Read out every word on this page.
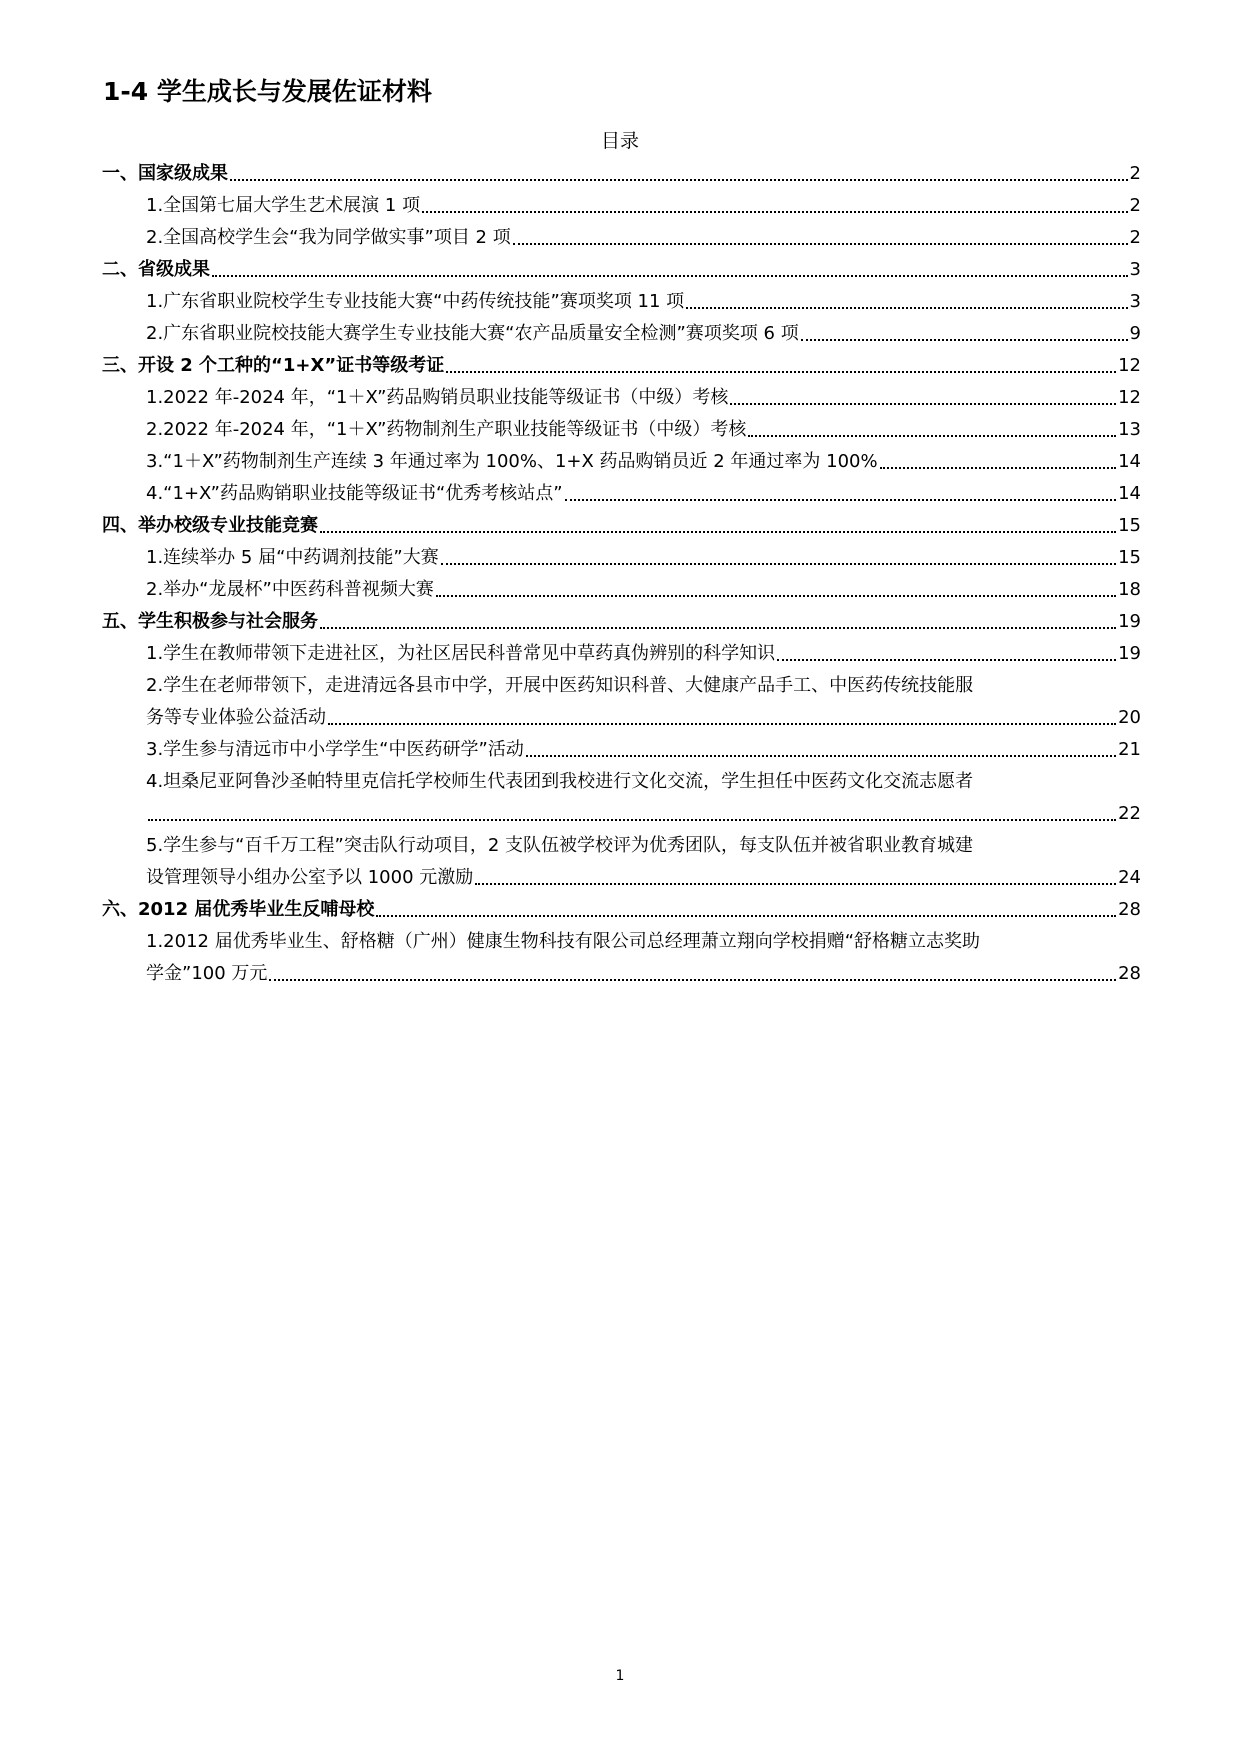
1-4 学生成长与发展佐证材料
目录
一、国家级成果	2
1.全国第七届大学生艺术展演 1 项	2
2.全国高校学生会“我为同学做实事”项目 2 项	2
二、省级成果	3
1.广东省职业院校学生专业技能大赛“中药传统技能”赛项奖项 11 项	3
2.广东省职业院校技能大赛学生专业技能大赛“农产品质量安全检测”赛项奖项 6 项	9
三、开设 2 个工种的“1+X”证书等级考证	12
1.2022 年-2024 年，“1＋X”药品购销员职业技能等级证书（中级）考核	12
2.2022 年-2024 年，“1＋X”药物制剂生产职业技能等级证书（中级）考核	13
3.“1＋X”药物制剂生产连续 3 年通过率为 100%、1+X 药品购销员近 2 年通过率为 100%	14
4.“1+X”药品购销职业技能等级证书“优秀考核站点”	14
四、举办校级专业技能竞赛	15
1.连续举办 5 届“中药调剂技能”大赛	15
2.举办“龙晟杯”中医药科普视频大赛	18
五、学生积极参与社会服务	19
1.学生在教师带领下走进社区，为社区居民科普常见中草药真伪辨别的科学知识	19
2.学生在老师带领下，走进清远各县市中学，开展中医药知识科普、大健康产品手工、中医药传统技能服
务等专业体验公益活动	20
3.学生参与清远市中小学学生“中医药研学”活动	21
4.坦桑尼亚阿鲁沙圣帕特里克信托学校师生代表团到我校进行文化交流，学生担任中医药文化交流志愿者
22
5.学生参与“百千万工程”突击队行动项目，2 支队伍被学校评为优秀团队，每支队伍并被省职业教育城建
设管理领导小组办公室予以 1000 元激励	24
六、2012 届优秀毕业生反哺母校	28
1.2012 届优秀毕业生、舒格糖（广州）健康生物科技有限公司总经理萧立翔向学校捐赠“舒格糖立志奖助
学金”100 万元	28
1
